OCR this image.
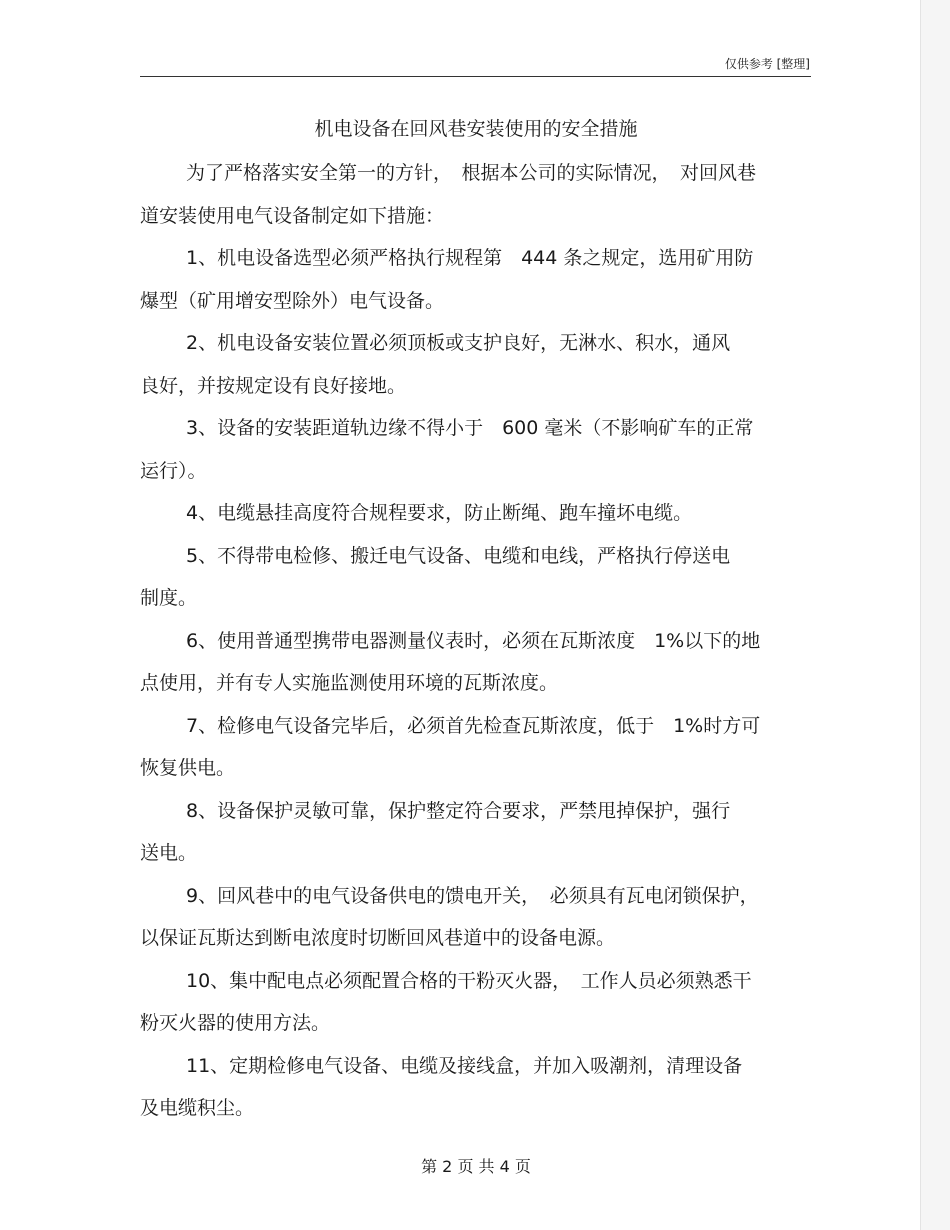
仅供参考 [整理]
机电设备在回风巷安装使用的安全措施

为了严格落实安全第一的方针，　根据本公司的实际情况，　对回风巷
道安装使用电气设备制定如下措施：

1、机电设备选型必须严格执行规程第　444 条之规定，选用矿用防
爆型（矿用增安型除外）电气设备。

2、机电设备安装位置必须顶板或支护良好，无淋水、积水，通风
良好，并按规定设有良好接地。

3、设备的安装距道轨边缘不得小于　600 毫米（不影响矿车的正常
运行）。

4、电缆悬挂高度符合规程要求，防止断绳、跑车撞坏电缆。

5、不得带电检修、搬迁电气设备、电缆和电线，严格执行停送电
制度。

6、使用普通型携带电器测量仪表时，必须在瓦斯浓度　1%以下的地
点使用，并有专人实施监测使用环境的瓦斯浓度。

7、检修电气设备完毕后，必须首先检查瓦斯浓度，低于　1%时方可
恢复供电。

8、设备保护灵敏可靠，保护整定符合要求，严禁甩掉保护，强行
送电。

9、回风巷中的电气设备供电的馈电开关，　必须具有瓦电闭锁保护，
以保证瓦斯达到断电浓度时切断回风巷道中的设备电源。

10、集中配电点必须配置合格的干粉灭火器，　工作人员必须熟悉干
粉灭火器的使用方法。

11、定期检修电气设备、电缆及接线盒，并加入吸潮剂，清理设备
及电缆积尘。

第 2 页 共 4 页
